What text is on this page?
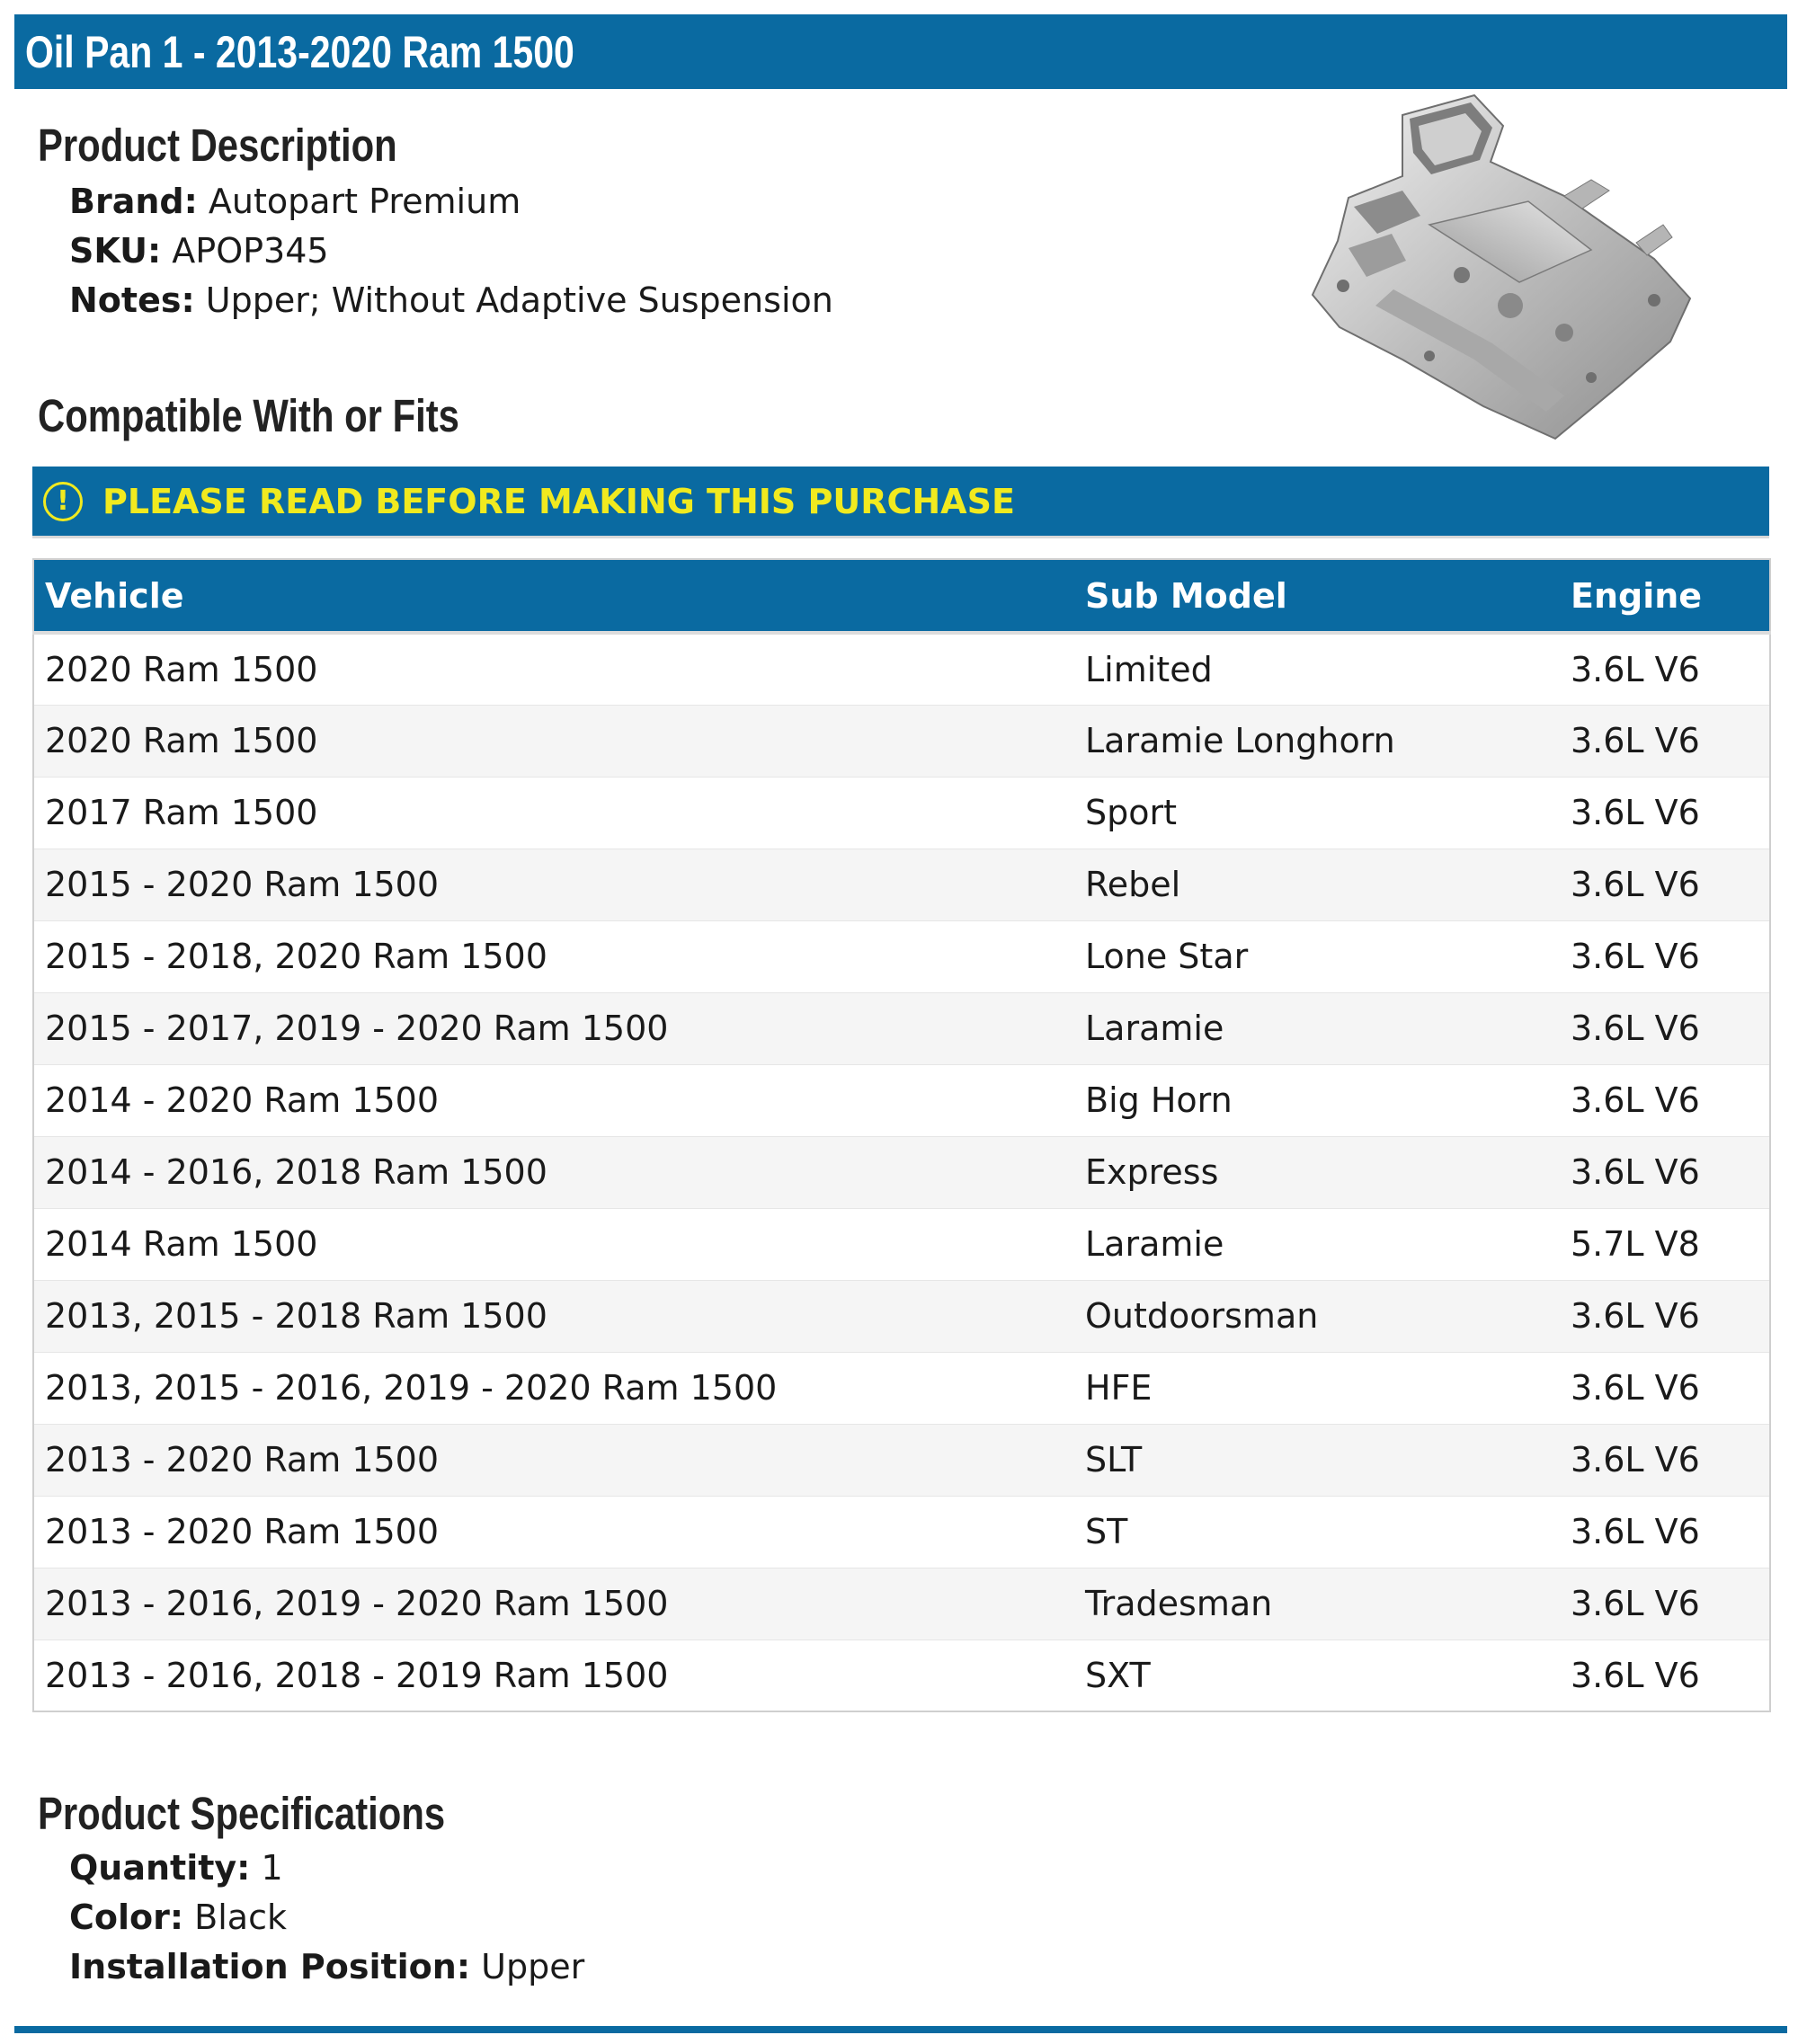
Oil Pan 1 - 2013-2020 Ram 1500
Product Description
Brand: Autopart Premium
SKU: APOP345
Notes: Upper; Without Adaptive Suspension
Compatible With or Fits
! PLEASE READ BEFORE MAKING THIS PURCHASE
Vehicle	Sub Model	Engine
2020 Ram 1500	Limited	3.6L V6
2020 Ram 1500	Laramie Longhorn	3.6L V6
2017 Ram 1500	Sport	3.6L V6
2015 - 2020 Ram 1500	Rebel	3.6L V6
2015 - 2018, 2020 Ram 1500	Lone Star	3.6L V6
2015 - 2017, 2019 - 2020 Ram 1500	Laramie	3.6L V6
2014 - 2020 Ram 1500	Big Horn	3.6L V6
2014 - 2016, 2018 Ram 1500	Express	3.6L V6
2014 Ram 1500	Laramie	5.7L V8
2013, 2015 - 2018 Ram 1500	Outdoorsman	3.6L V6
2013, 2015 - 2016, 2019 - 2020 Ram 1500	HFE	3.6L V6
2013 - 2020 Ram 1500	SLT	3.6L V6
2013 - 2020 Ram 1500	ST	3.6L V6
2013 - 2016, 2019 - 2020 Ram 1500	Tradesman	3.6L V6
2013 - 2016, 2018 - 2019 Ram 1500	SXT	3.6L V6
Product Specifications
Quantity: 1
Color: Black
Installation Position: Upper
